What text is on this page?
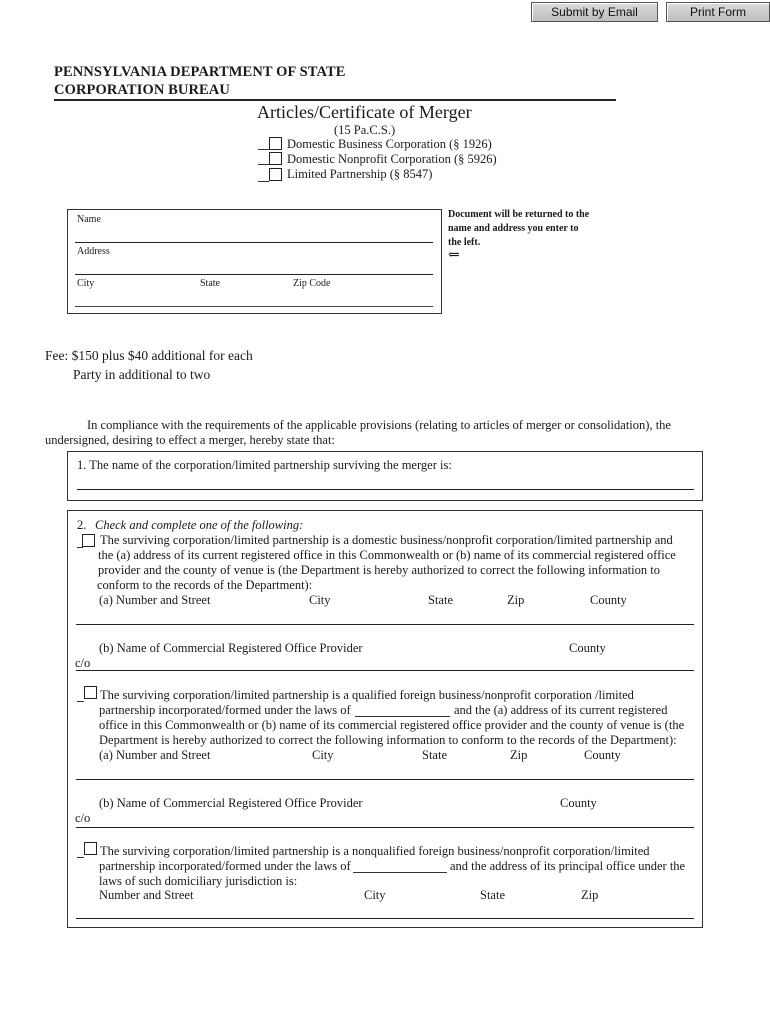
Submit by Email	Print Form
PENNSYLVANIA DEPARTMENT OF STATE
CORPORATION BUREAU
Articles/Certificate of Merger
(15 Pa.C.S.)
Domestic Business Corporation (§ 1926)
Domestic Nonprofit Corporation (§ 5926)
Limited Partnership (§ 8547)
Name
Address
City	State	Zip Code
Document will be returned to the
name and address you enter to
the left.
⇐
Fee: $150 plus $40 additional for each
Party in additional to two
In compliance with the requirements of the applicable provisions (relating to articles of merger or consolidation), the
undersigned, desiring to effect a merger, hereby state that:
1. The name of the corporation/limited partnership surviving the merger is:
2. Check and complete one of the following:
The surviving corporation/limited partnership is a domestic business/nonprofit corporation/limited partnership and
the (a) address of its current registered office in this Commonwealth or (b) name of its commercial registered office
provider and the county of venue is (the Department is hereby authorized to correct the following information to
conform to the records of the Department):
(a) Number and Street	City	State	Zip	County
(b) Name of Commercial Registered Office Provider	County
c/o
The surviving corporation/limited partnership is a qualified foreign business/nonprofit corporation /limited
partnership incorporated/formed under the laws of	and the (a) address of its current registered
office in this Commonwealth or (b) name of its commercial registered office provider and the county of venue is (the
Department is hereby authorized to correct the following information to conform to the records of the Department):
(a) Number and Street	City	State	Zip	County
(b) Name of Commercial Registered Office Provider	County
c/o
The surviving corporation/limited partnership is a nonqualified foreign business/nonprofit corporation/limited
partnership incorporated/formed under the laws of	and the address of its principal office under the
laws of such domiciliary jurisdiction is:
Number and Street	City	State	Zip
